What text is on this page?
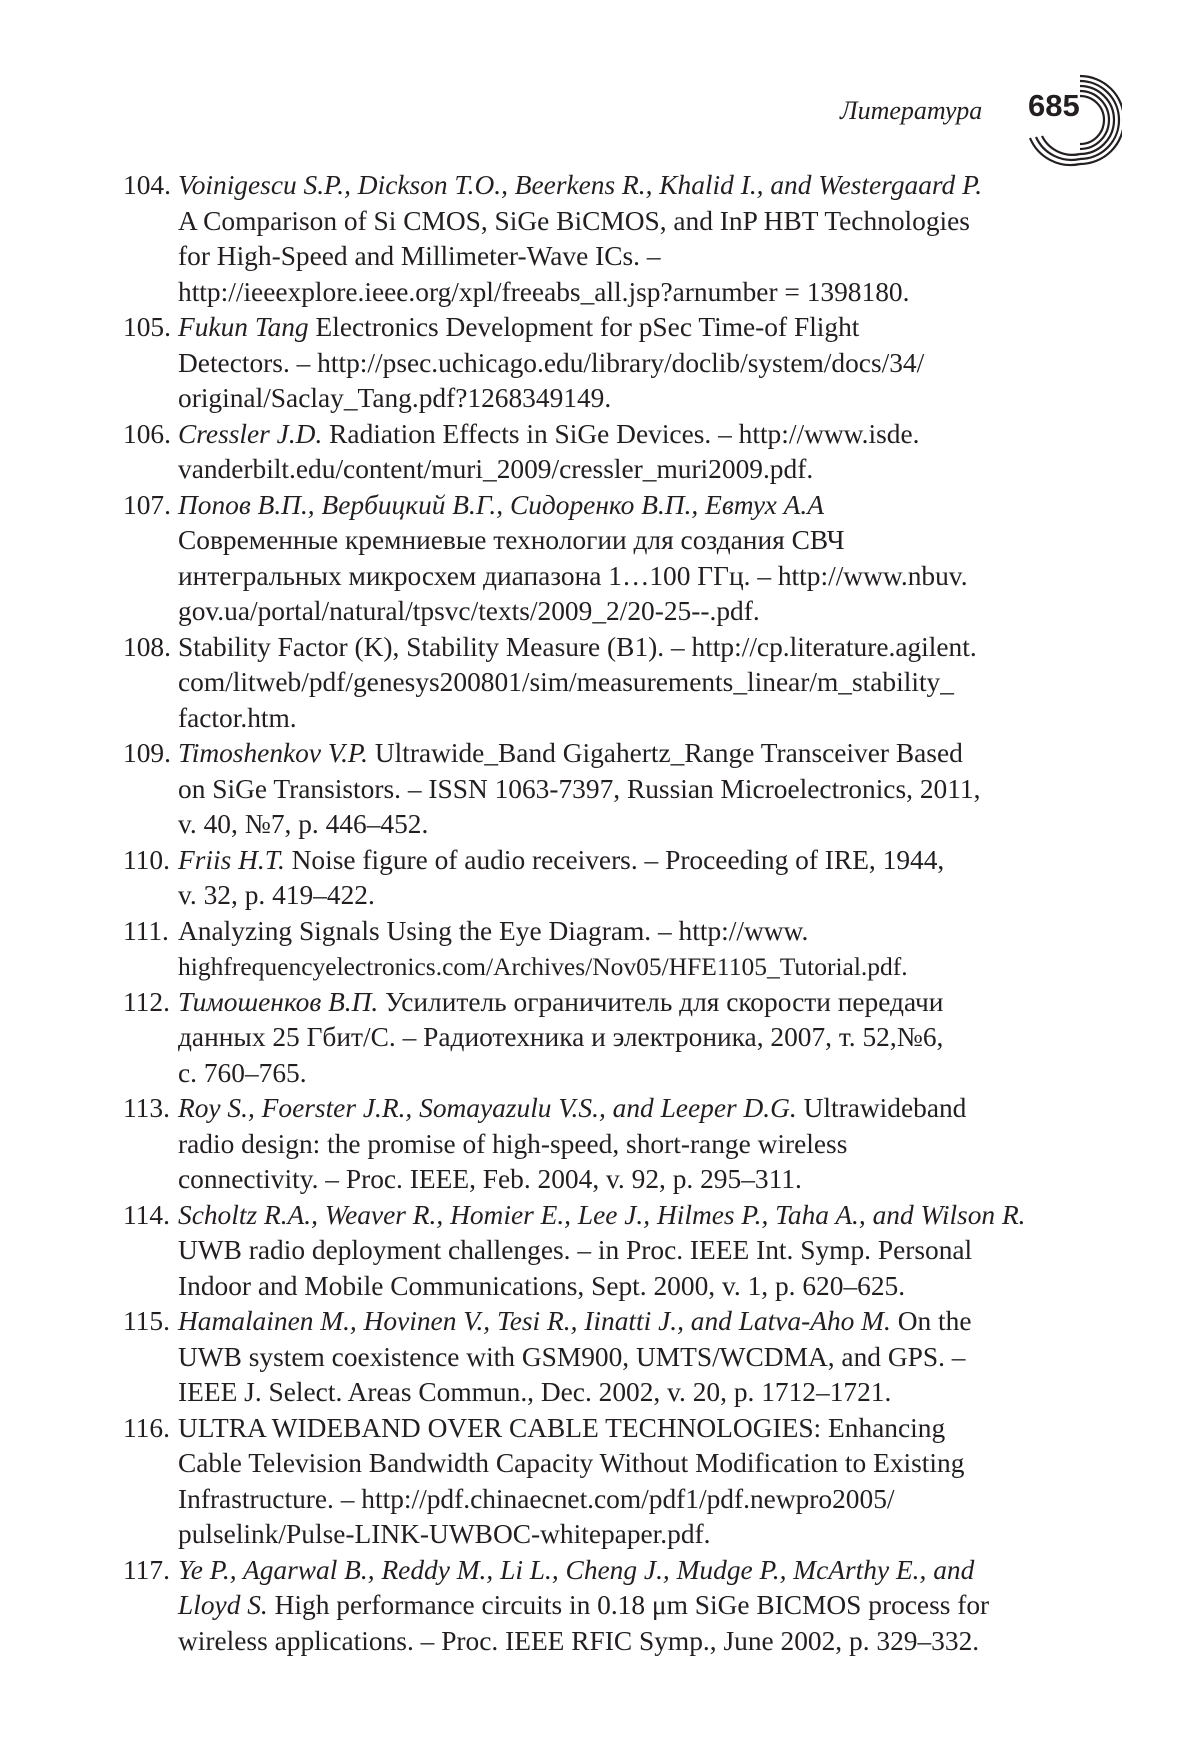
Литература 685
104. Voinigescu S.P., Dickson T.O., Beerkens R., Khalid I., and Westergaard P.
A Comparison of Si CMOS, SiGe BiCMOS, and InP HBT Technologies
for High-Speed and Millimeter-Wave ICs. –
http://ieeexplore.ieee.org/xpl/freeabs_all.jsp?arnumber = 1398180.
105. Fukun Tang Electronics Development for pSec Time-of Flight
Detectors. – http://psec.uchicago.edu/library/doclib/system/docs/34/
original/Saclay_Tang.pdf?1268349149.
106. Cressler J.D. Radiation Effects in SiGe Devices. – http://www.isde.
vanderbilt.edu/content/muri_2009/cressler_muri2009.pdf.
107. Попов В.П., Вербицкий В.Г., Сидоренко В.П., Евтух А.А
Современные кремниевые технологии для создания СВЧ
интегральных микросхем диапазона 1…100 ГГц. – http://www.nbuv.
gov.ua/portal/natural/tpsvc/texts/2009_2/20-25--.pdf.
108. Stability Factor (K), Stability Measure (B1). – http://cp.literature.agilent.
com/litweb/pdf/genesys200801/sim/measurements_linear/m_stability_
factor.htm.
109. Timoshenkov V.P. Ultrawide_Band Gigahertz_Range Transceiver Based
on SiGe Transistors. – ISSN 1063-7397, Russian Microelectronics, 2011,
v. 40, №7, p. 446–452.
110. Friis H.T. Noise figure of audio receivers. – Proceeding of IRE, 1944,
v. 32, p. 419–422.
111. Analyzing Signals Using the Eye Diagram. – http://www.
highfrequencyelectronics.com/Archives/Nov05/HFE1105_Tutorial.pdf.
112. Тимошенков В.П. Усилитель ограничитель для скорости передачи
данных 25 Гбит/С. – Радиотехника и электроника, 2007, т. 52,№6,
с. 760–765.
113. Roy S., Foerster J.R., Somayazulu V.S., and Leeper D.G. Ultrawideband
radio design: the promise of high-speed, short-range wireless
connectivity. – Proc. IEEE, Feb. 2004, v. 92, p. 295–311.
114. Scholtz R.A., Weaver R., Homier E., Lee J., Hilmes P., Taha A., and Wilson R.
UWB radio deployment challenges. – in Proc. IEEE Int. Symp. Personal
Indoor and Mobile Communications, Sept. 2000, v. 1, p. 620–625.
115. Hamalainen M., Hovinen V., Tesi R., Iinatti J., and Latva-Aho M. On the
UWB system coexistence with GSM900, UMTS/WCDMA, and GPS. –
IEEE J. Select. Areas Commun., Dec. 2002, v. 20, p. 1712–1721.
116. ULTRA WIDEBAND OVER CABLE TECHNOLOGIES: Enhancing
Cable Television Bandwidth Capacity Without Modification to Existing
Infrastructure. – http://pdf.chinaecnet.com/pdf1/pdf.newpro2005/
pulselink/Pulse-LINK-UWBOC-whitepaper.pdf.
117. Ye P., Agarwal B., Reddy M., Li L., Cheng J., Mudge P., McArthy E., and
Lloyd S. High performance circuits in 0.18 μm SiGe BICMOS process for
wireless applications. – Proc. IEEE RFIC Symp., June 2002, p. 329–332.
